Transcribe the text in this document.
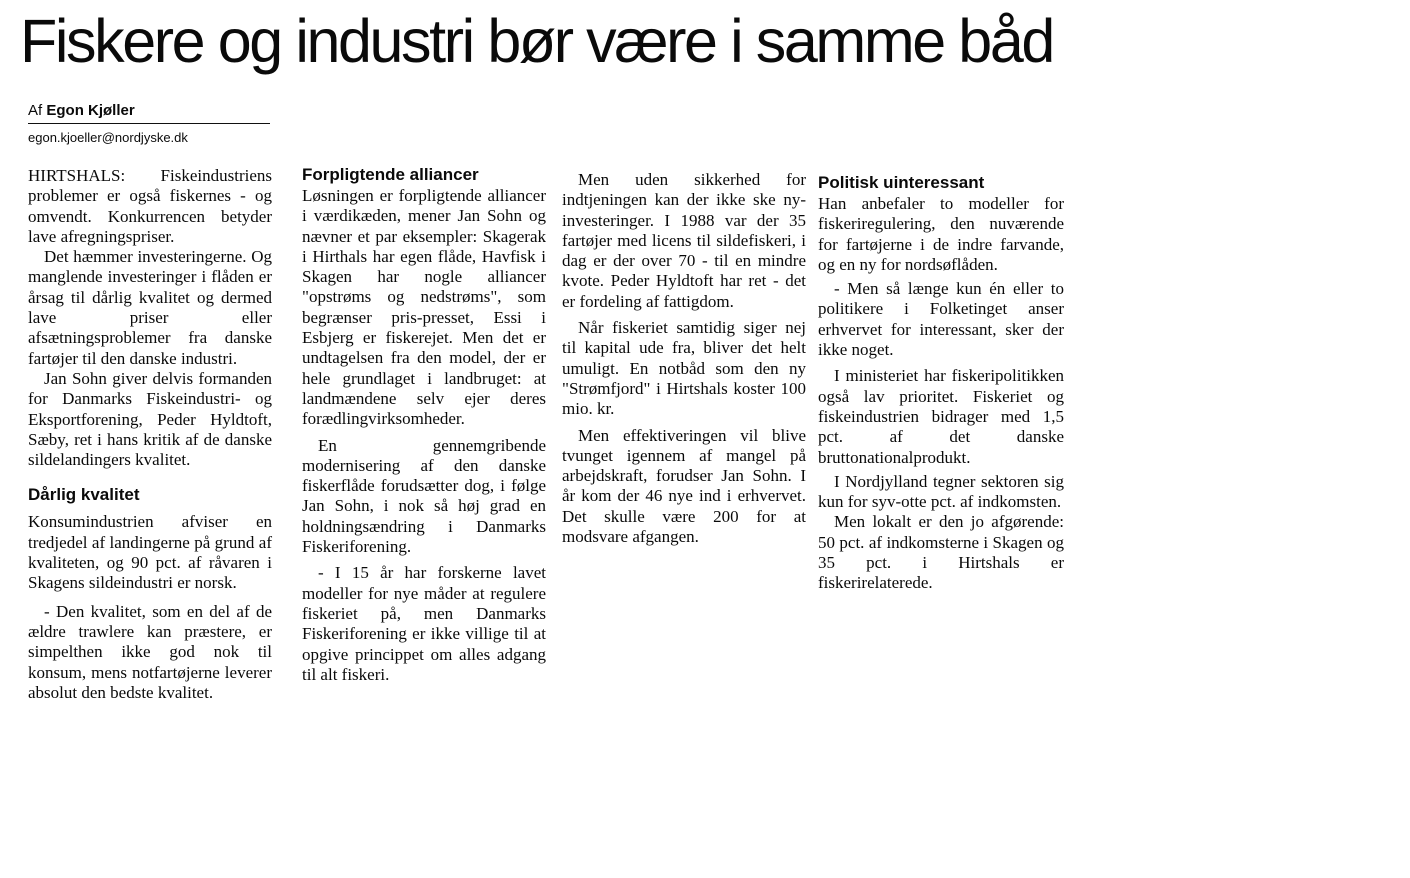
Fiskere og industri bør være i samme båd
Af Egon Kjøller
egon.kjoeller@nordjyske.dk

HIRTSHALS: Fiskeindustriens problemer er også fiskernes - og omvendt. Konkurrencen betyder lave afregningspriser.

Det hæmmer investeringerne. Og manglende investeringer i flåden er årsag til dårlig kvalitet og dermed lave priser eller afsætningsproblemer fra danske fartøjer til den danske industri.

Jan Sohn giver delvis formanden for Danmarks Fiskeindustri- og Eksportforening, Peder Hyldtoft, Sæby, ret i hans kritik af de danske sildelandingers kvalitet.

Dårlig kvalitet

Konsumindustrien afviser en tredjedel af landingerne på grund af kvaliteten, og 90 pct. af råvaren i Skagens sildeindustri er norsk.

- Den kvalitet, som en del af de ældre trawlere kan præstere, er simpelthen ikke god nok til konsum, mens notfartøjerne leverer absolut den bedste kvalitet.

Forpligtende alliancer

Løsningen er forpligtende alliancer i værdikæden, mener Jan Sohn og nævner et par eksempler: Skagerak i Hirthals har egen flåde, Havfisk i Skagen har nogle alliancer "opstrøms og nedstrøms", som begrænser pris-presset, Essi i Esbjerg er fiskerejet. Men det er undtagelsen fra den model, der er hele grundlaget i landbruget: at landmændene selv ejer deres forædlingvirksomheder.

En gennemgribende modernisering af den danske fiskerflåde forudsætter dog, i følge Jan Sohn, i nok så høj grad en holdningsændring i Danmarks Fiskeriforening.

- I 15 år har forskerne lavet modeller for nye måder at regulere fiskeriet på, men Danmarks Fiskeriforening er ikke villige til at opgive princippet om alles adgang til alt fiskeri.

Men uden sikkerhed for indtjeningen kan der ikke ske ny-investeringer. I 1988 var der 35 fartøjer med licens til sildefiskeri, i dag er der over 70 - til en mindre kvote. Peder Hyldtoft har ret - det er fordeling af fattigdom.

Når fiskeriet samtidig siger nej til kapital ude fra, bliver det helt umuligt. En notbåd som den ny "Strømfjord" i Hirtshals koster 100 mio. kr.

Men effektiveringen vil blive tvunget igennem af mangel på arbejdskraft, forudser Jan Sohn. I år kom der 46 nye ind i erhvervet. Det skulle være 200 for at modsvare afgangen.

Politisk uinteressant

Han anbefaler to modeller for fiskeriregulering, den nuværende for fartøjerne i de indre farvande, og en ny for nordsøflåden.

- Men så længe kun én eller to politikere i Folketinget anser erhvervet for interessant, sker der ikke noget.

I ministeriet har fiskeripolitikken også lav prioritet. Fiskeriet og fiskeindustrien bidrager med 1,5 pct. af det danske bruttonationalprodukt.

I Nordjylland tegner sektoren sig kun for syv-otte pct. af indkomsten.

Men lokalt er den jo afgørende: 50 pct. af indkomsterne i Skagen og 35 pct. i Hirtshals er fiskerirelaterede.
